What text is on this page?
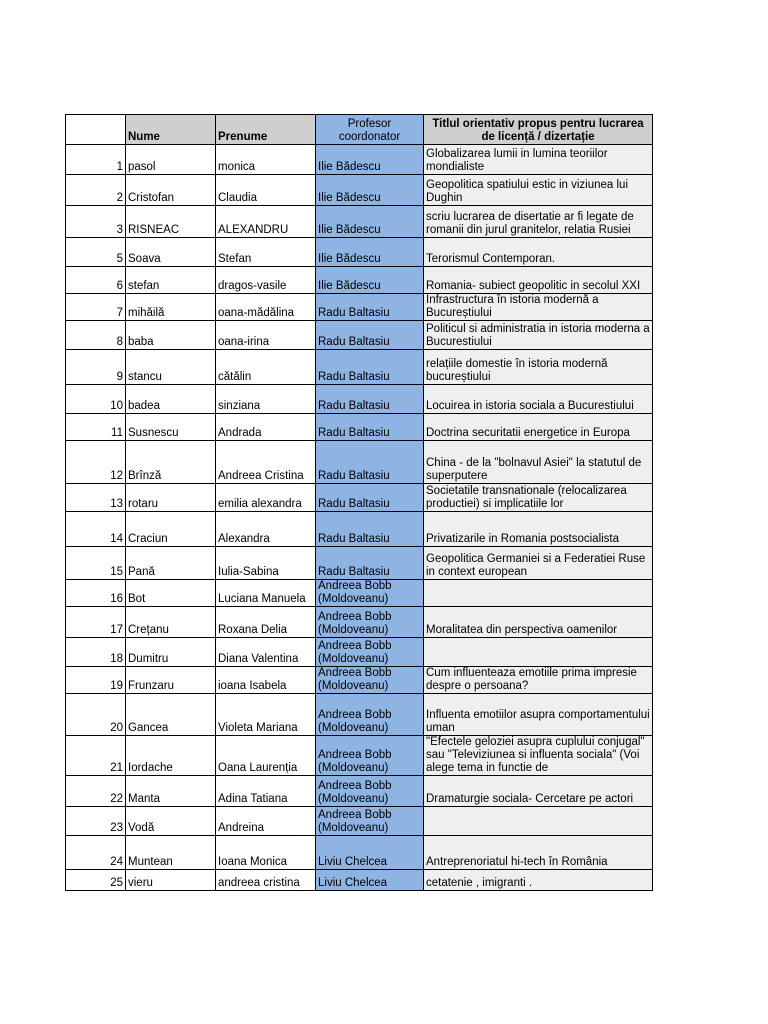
	Nume	Prenume	Profesor coordonator	Titlul orientativ propus pentru lucrarea de licență / dizertație
1	pasol	monica	Ilie Bădescu	Globalizarea lumii in lumina teoriilor mondialiste
2	Cristofan	Claudia	Ilie Bădescu	Geopolitica spatiului estic in viziunea lui Dughin
3	RISNEAC	ALEXANDRU	Ilie Bădescu	scriu lucrarea de disertatie ar fi legate de romanii din jurul granitelor, relatia Rusiei
5	Soava	Stefan	Ilie Bădescu	Terorismul Contemporan.
6	stefan	dragos-vasile	Ilie Bădescu	Romania- subiect geopolitic in secolul XXI
7	mihăilă	oana-mădălina	Radu Baltasiu	Infrastructura în istoria modernă a Bucureștiului
8	baba	oana-irina	Radu Baltasiu	Politicul si administratia in istoria moderna a Bucurestiului
9	stancu	cătălin	Radu Baltasiu	relațiile domestie în istoria modernă bucureștiului
10	badea	sinziana	Radu Baltasiu	Locuirea in istoria sociala a Bucurestiului
11	Susnescu	Andrada	Radu Baltasiu	Doctrina securitatii energetice in Europa
12	Brînză	Andreea Cristina	Radu Baltasiu	China - de la "bolnavul Asiei" la statutul de superputere
13	rotaru	emilia alexandra	Radu Baltasiu	Societatile transnationale (relocalizarea productiei) si implicatiile lor
14	Craciun	Alexandra	Radu Baltasiu	Privatizarile in Romania postsocialista
15	Pană	Iulia-Sabina	Radu Baltasiu	Geopolitica Germaniei si a Federatiei Ruse in context european
16	Bot	Luciana Manuela	Andreea Bobb (Moldoveanu)	
17	Crețanu	Roxana Delia	Andreea Bobb (Moldoveanu)	Moralitatea din perspectiva oamenilor
18	Dumitru	Diana Valentina	Andreea Bobb (Moldoveanu)	
19	Frunzaru	ioana Isabela	Andreea Bobb (Moldoveanu)	Cum influenteaza emotiile prima impresie despre o persoana?
20	Gancea	Violeta Mariana	Andreea Bobb (Moldoveanu)	Influenta emotiilor asupra comportamentului uman
21	Iordache	Oana Laurenția	Andreea Bobb (Moldoveanu)	"Efectele geloziei asupra cuplului conjugal" sau "Televiziunea si influenta sociala" (Voi alege tema in functie de
22	Manta	Adina Tatiana	Andreea Bobb (Moldoveanu)	Dramaturgie sociala- Cercetare pe actori
23	Vodă	Andreina	Andreea Bobb (Moldoveanu)	
24	Muntean	Ioana Monica	Liviu Chelcea	Antreprenoriatul hi-tech în România
25	vieru	andreea cristina	Liviu Chelcea	cetatenie , imigranti .
